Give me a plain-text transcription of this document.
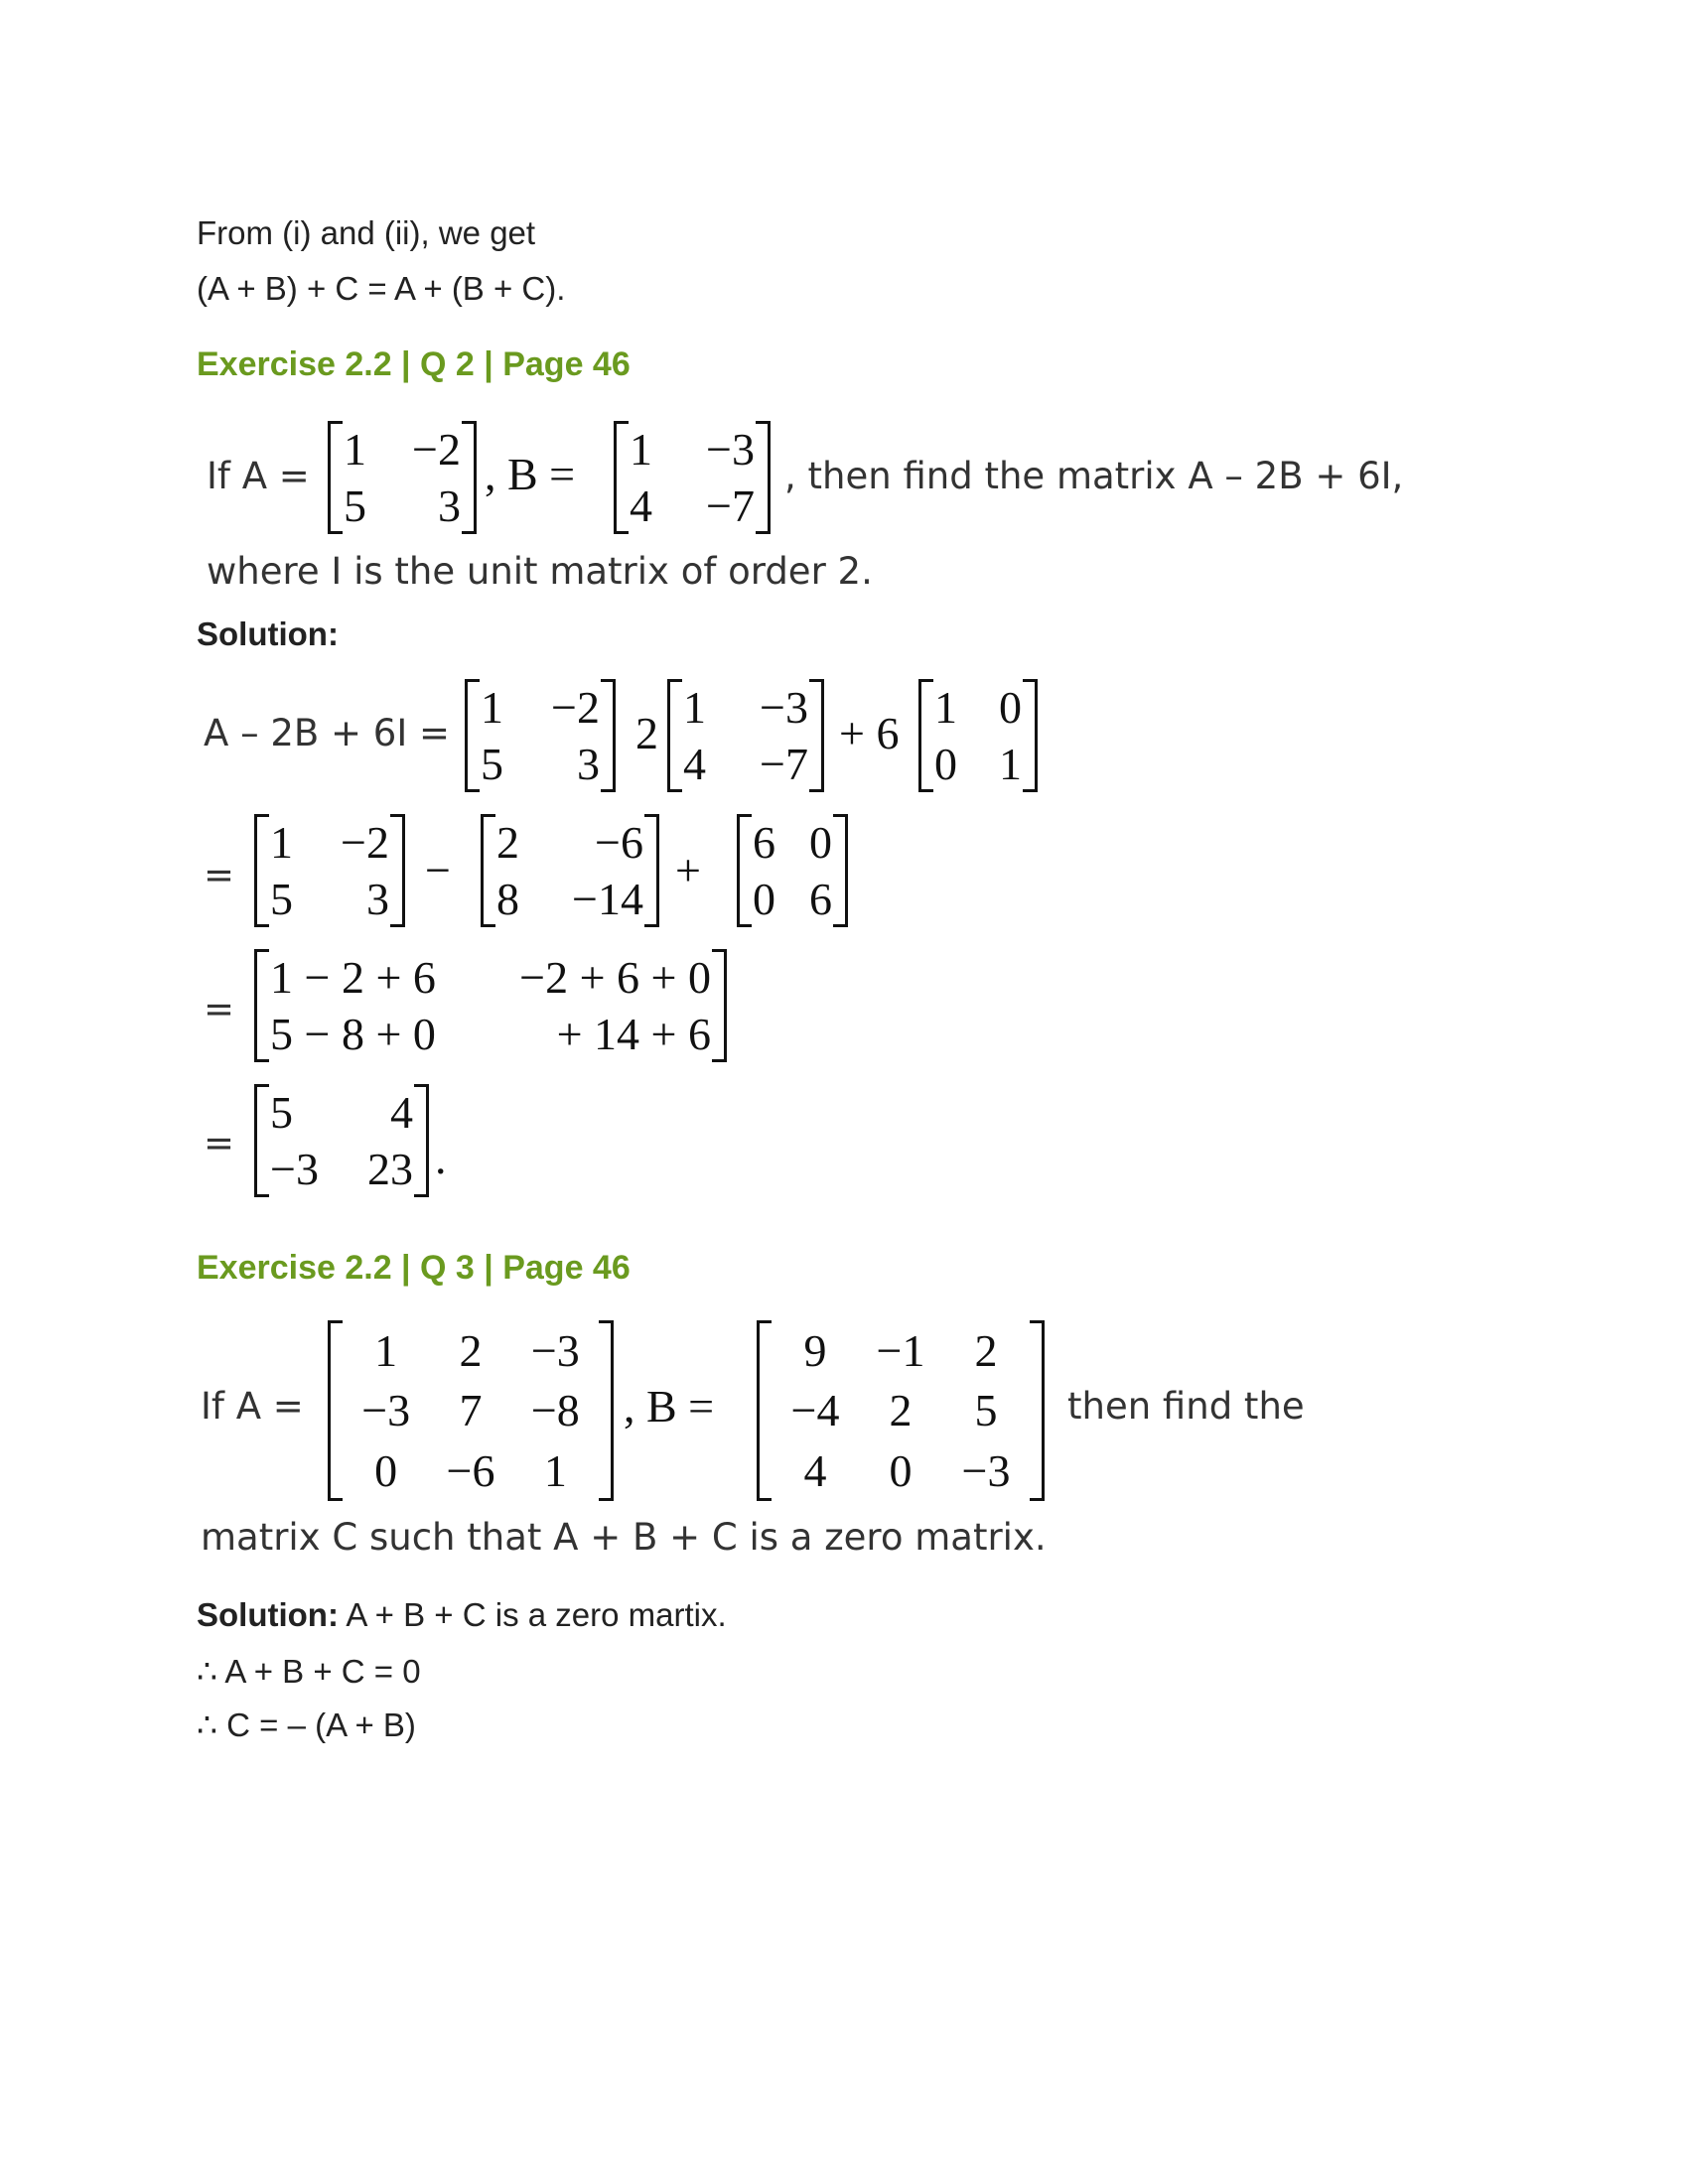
From (i) and (ii), we get
(A + B) + C = A + (B + C).
Exercise 2.2 | Q 2 | Page 46
If A =
1	−2
5	3
, B = 1	−3
4	−7
, then find the matrix A – 2B + 6I,
where I is the unit matrix of order 2.
Solution:
A – 2B + 6I =
1	−2
5	3
2
1	−3
4	−7
+ 6
1	0
0	1
=
1	−2
5	3
−
2	−6
8	−14
+
6	0
0	6
=
1 − 2 + 6	−2 + 6 + 0
5 − 8 + 0	+ 14 + 6
=
5	4
−3	23 .
Exercise 2.2 | Q 3 | Page 46
If A =
1	2	−3
−3	7	−8
0	−6	1
, B =
9	−1	2
−4	2	5
4	0	−3
then find the
matrix C such that A + B + C is a zero matrix.
Solution: A + B + C is a zero martix.
∴ A + B + C = 0
∴ C = – (A + B)
